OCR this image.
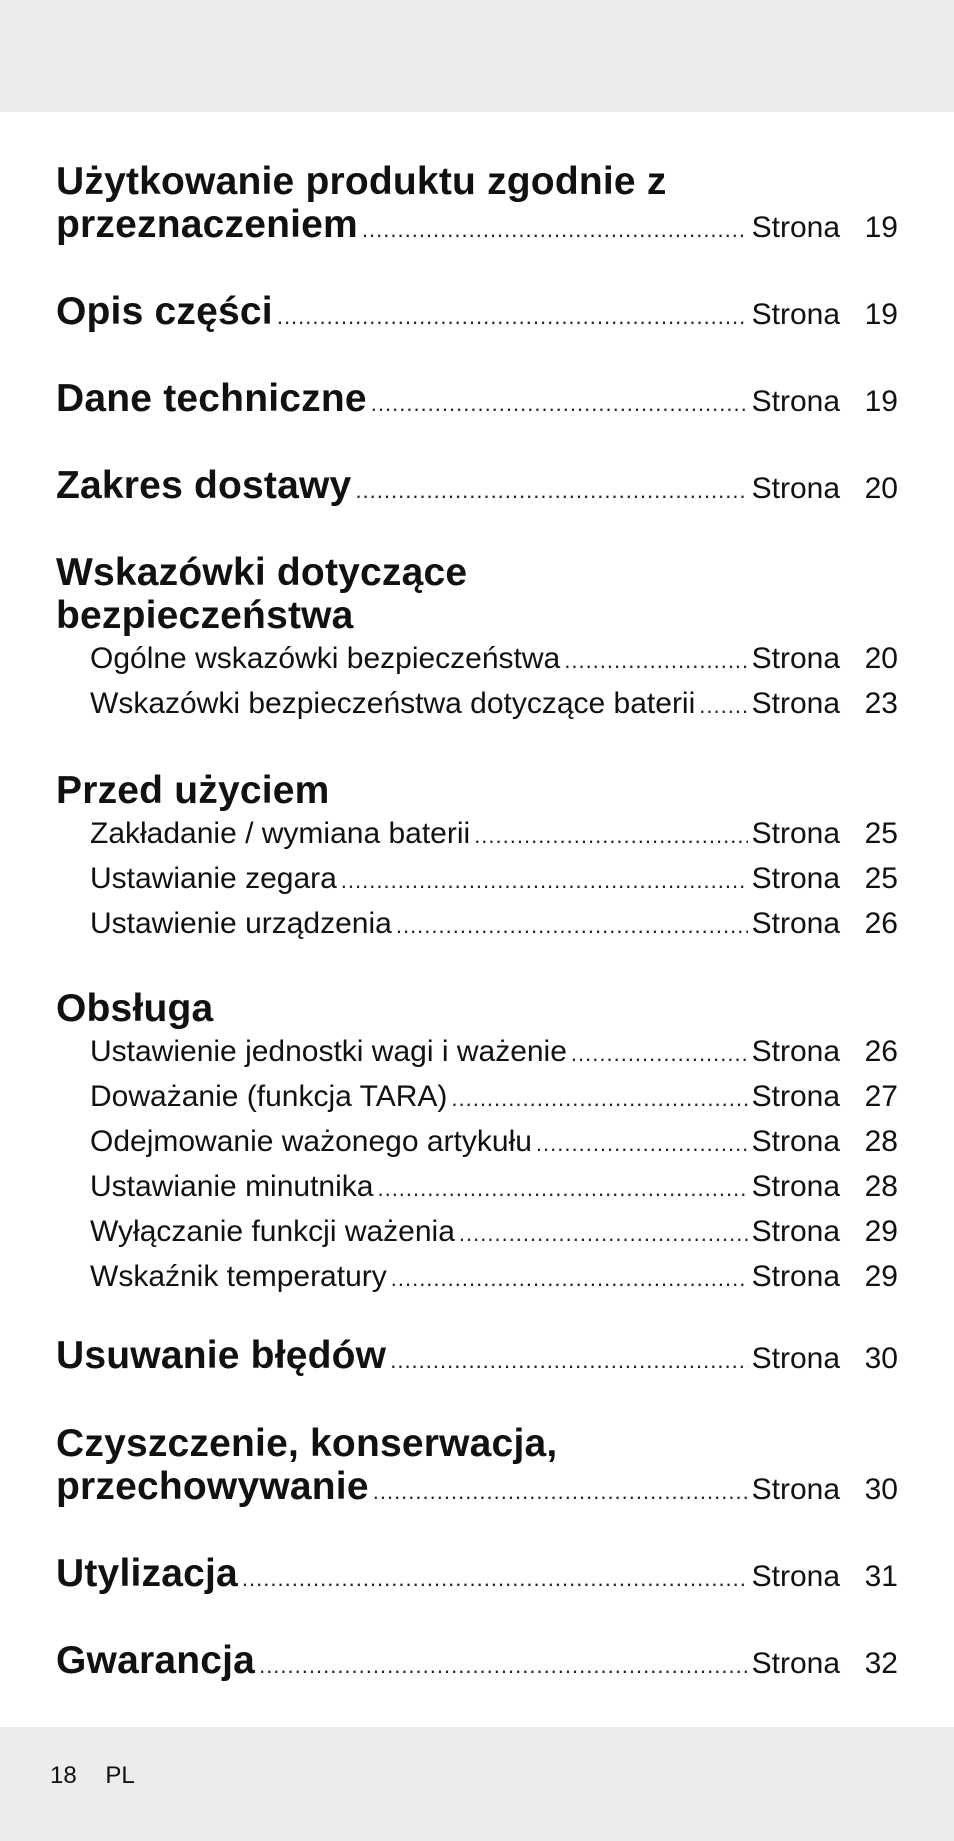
Użytkowanie produktu zgodnie z
przeznaczeniem .....	Strona 19
Opis części .....	Strona 19
Dane techniczne .....	Strona 19
Zakres dostawy .....	Strona 20
Wskazówki dotyczące
bezpieczeństwa
Ogólne wskazówki bezpieczeństwa .....	Strona 20
Wskazówki bezpieczeństwa dotyczące baterii ..... Strona 23
Przed użyciem
Zakładanie / wymiana baterii .....	Strona 25
Ustawianie zegara .....	Strona 25
Ustawienie urządzenia .....	Strona 26
Obsługa
Ustawienie jednostki wagi i ważenie .....	Strona 26
Doważanie (funkcja TARA) .....	Strona 27
Odejmowanie ważonego artykułu .....	Strona 28
Ustawianie minutnika .....	Strona 28
Wyłączanie funkcji ważenia .....	Strona 29
Wskaźnik temperatury .....	Strona 29
Usuwanie błędów .....	Strona 30
Czyszczenie, konserwacja,
przechowywanie .....	Strona 30
Utylizacja .....	Strona 31
Gwarancja .....	Strona 32
18 PL
